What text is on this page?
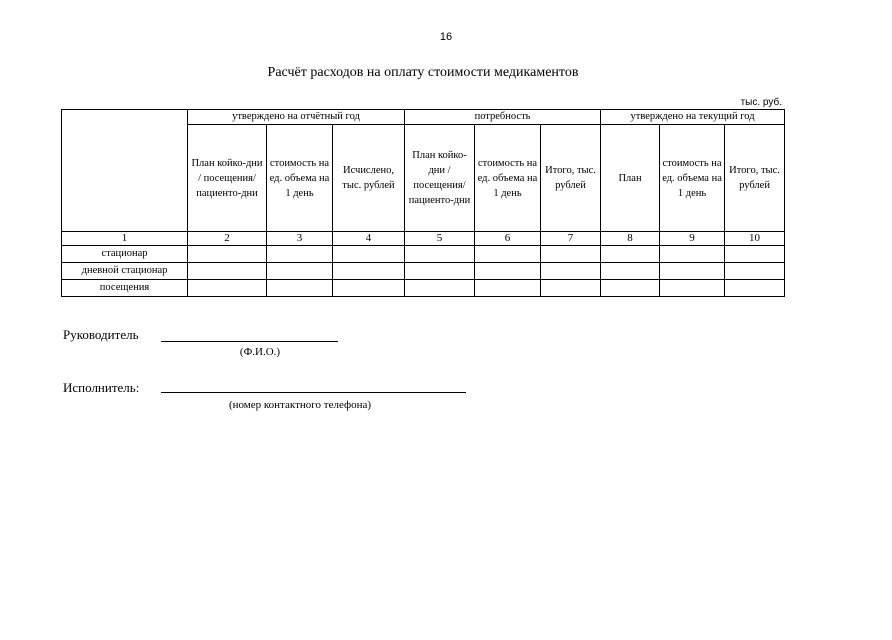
16
Расчёт расходов на оплату стоимости медикаментов
тыс. руб.
	утверждено на отчётный год			потребность			утверждено на текущий год		
	План койко-дни / посещения/ пациенто-дни	стоимость на ед. объема на 1 день	Исчислено, тыс. рублей	План койко-дни / посещения/ пациенто-дни	стоимость на ед. объема на 1 день	Итого, тыс. рублей	План	стоимость на ед. объема на 1 день	Итого, тыс. рублей
1	2	3	4	5	6	7	8	9	10
стационар									
дневной стационар									
посещения									
Руководитель
(Ф.И.О.)
Исполнитель:
(номер контактного телефона)
